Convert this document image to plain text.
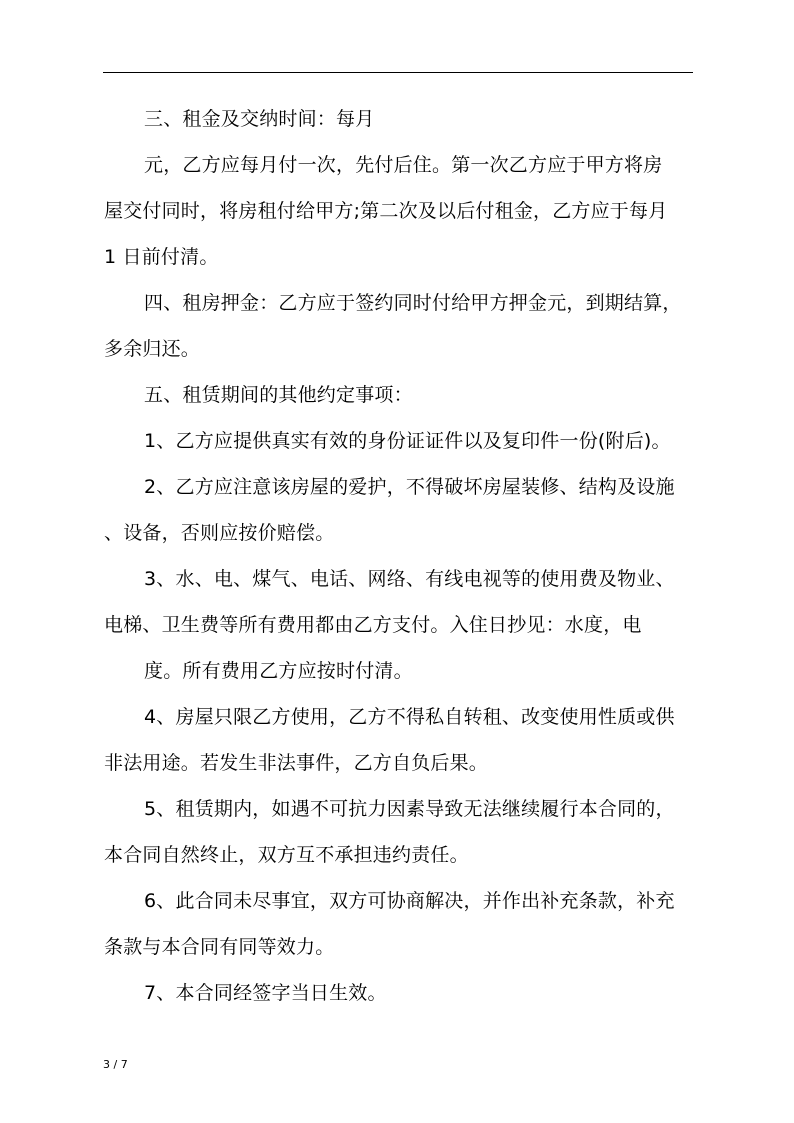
三、租金及交纳时间：每月
元，乙方应每月付一次，先付后住。第一次乙方应于甲方将房
屋交付同时，将房租付给甲方;第二次及以后付租金，乙方应于每月
1 日前付清。
四、租房押金：乙方应于签约同时付给甲方押金元，到期结算，
多余归还。
五、租赁期间的其他约定事项：
1、乙方应提供真实有效的身份证证件以及复印件一份(附后)。
2、乙方应注意该房屋的爱护，不得破坏房屋装修、结构及设施
、设备，否则应按价赔偿。
3、水、电、煤气、电话、网络、有线电视等的使用费及物业、
电梯、卫生费等所有费用都由乙方支付。入住日抄见：水度，电
度。所有费用乙方应按时付清。
4、房屋只限乙方使用，乙方不得私自转租、改变使用性质或供
非法用途。若发生非法事件，乙方自负后果。
5、租赁期内，如遇不可抗力因素导致无法继续履行本合同的，
本合同自然终止，双方互不承担违约责任。
6、此合同未尽事宜，双方可协商解决，并作出补充条款，补充
条款与本合同有同等效力。
7、本合同经签字当日生效。
3 / 7
